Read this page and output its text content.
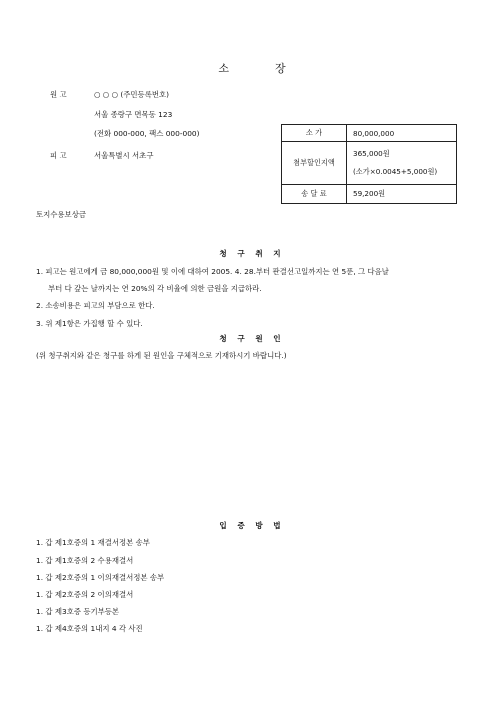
소	장
원 고	○ ○ ○ (주민등록번호)
서울 종랑구 면목동 123
(전화 000-000, 팩스 000-000)
피 고	서울특별시 서초구
소 가	80,000,000
첨부할인지액	365,000원
(소가×0.0045+5,000원)

송 달 료	59,200원
토지수용보상금
청 구 취 지
1. 피고는 원고에게 금 80,000,000원 및 이에 대하여 2005. 4. 28.부터 판결선고일까지는 연 5푼, 그 다음날
부터 다 갚는 날까지는 연 20%의 각 비율에 의한 금원을 지급하라.
2. 소송비용은 피고의 부담으로 한다.
3. 위 제1항은 가집행 할 수 있다.
청 구 원 인
(위 청구취지와 같은 청구를 하게 된 원인을 구체적으로 기재하시기 바랍니다.)
입 증 방 법
1. 갑 제1호증의 1 재결서정본 송부
1. 갑 제1호증의 2 수용재결서
1. 갑 제2호증의 1 이의재결서정본 송부
1. 갑 제2호증의 2 이의재결서
1. 갑 제3호증 등기부등본
1. 갑 제4호증의 1내지 4 각 사진
